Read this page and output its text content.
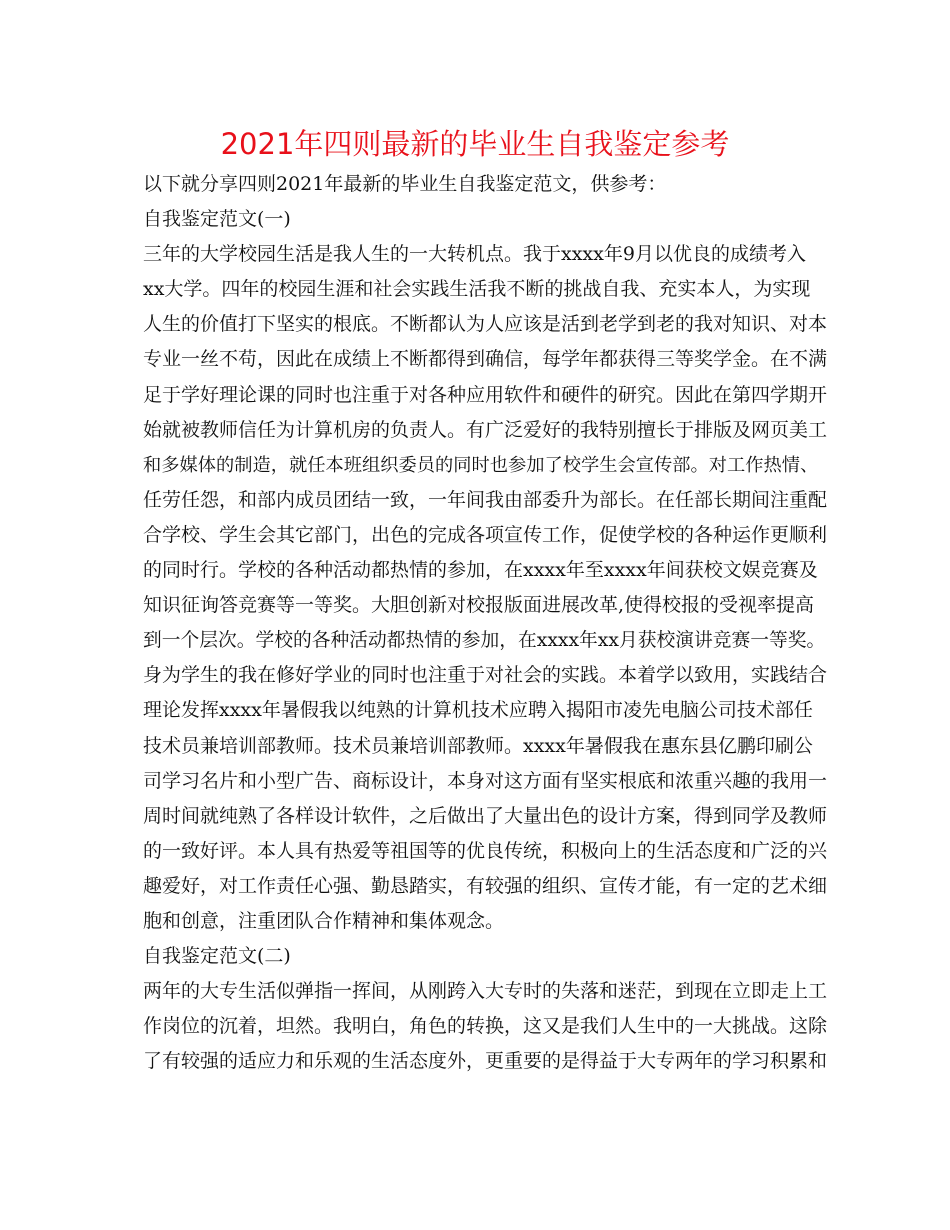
2021年四则最新的毕业生自我鉴定参考
以下就分享四则2021年最新的毕业生自我鉴定范文，供参考：
自我鉴定范文(一)
三年的大学校园生活是我人生的一大转机点。我于xxxx年9月以优良的成绩考入
xx大学。四年的校园生涯和社会实践生活我不断的挑战自我、充实本人，为实现
人生的价值打下坚实的根底。不断都认为人应该是活到老学到老的我对知识、对本
专业一丝不苟，因此在成绩上不断都得到确信，每学年都获得三等奖学金。在不满
足于学好理论课的同时也注重于对各种应用软件和硬件的研究。因此在第四学期开
始就被教师信任为计算机房的负责人。有广泛爱好的我特别擅长于排版及网页美工
和多媒体的制造，就任本班组织委员的同时也参加了校学生会宣传部。对工作热情、
任劳任怨，和部内成员团结一致，一年间我由部委升为部长。在任部长期间注重配
合学校、学生会其它部门，出色的完成各项宣传工作，促使学校的各种运作更顺利
的同时行。学校的各种活动都热情的参加，在xxxx年至xxxx年间获校文娱竞赛及
知识征询答竞赛等一等奖。大胆创新对校报版面进展改革,使得校报的受视率提高
到一个层次。学校的各种活动都热情的参加，在xxxx年xx月获校演讲竞赛一等奖。
身为学生的我在修好学业的同时也注重于对社会的实践。本着学以致用，实践结合
理论发挥xxxx年暑假我以纯熟的计算机技术应聘入揭阳市凌先电脑公司技术部任
技术员兼培训部教师。技术员兼培训部教师。xxxx年暑假我在惠东县亿鹏印刷公
司学习名片和小型广告、商标设计，本身对这方面有坚实根底和浓重兴趣的我用一
周时间就纯熟了各样设计软件，之后做出了大量出色的设计方案，得到同学及教师
的一致好评。本人具有热爱等祖国等的优良传统，积极向上的生活态度和广泛的兴
趣爱好，对工作责任心强、勤恳踏实，有较强的组织、宣传才能，有一定的艺术细
胞和创意，注重团队合作精神和集体观念。
自我鉴定范文(二)
两年的大专生活似弹指一挥间，从刚跨入大专时的失落和迷茫，到现在立即走上工
作岗位的沉着，坦然。我明白，角色的转换，这又是我们人生中的一大挑战。这除
了有较强的适应力和乐观的生活态度外，更重要的是得益于大专两年的学习积累和
